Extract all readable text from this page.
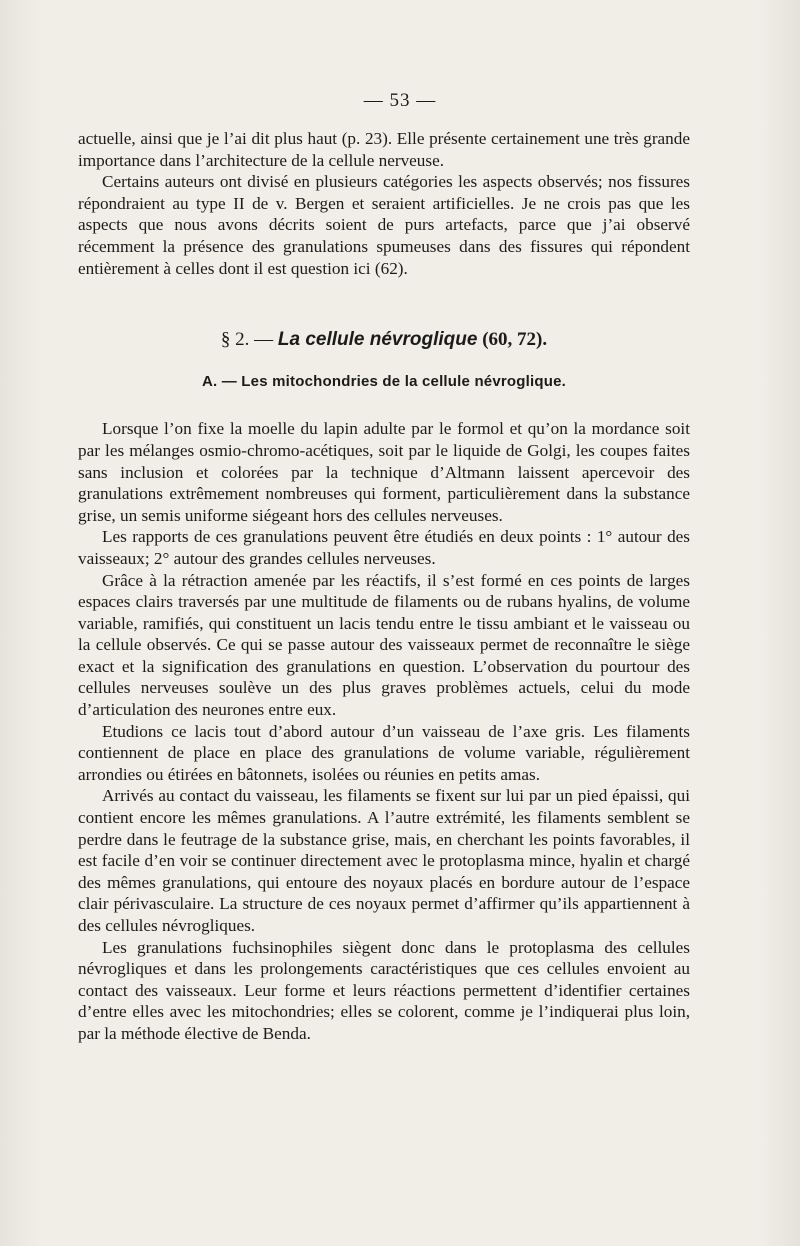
— 53 —

actuelle, ainsi que je l’ai dit plus haut (p. 23). Elle présente certainement une très grande importance dans l’architecture de la cellule nerveuse.

Certains auteurs ont divisé en plusieurs catégories les aspects observés; nos fissures répondraient au type II de v. Bergen et seraient artificielles. Je ne crois pas que les aspects que nous avons décrits soient de purs artefacts, parce que j’ai observé récemment la présence des granulations spumeuses dans des fissures qui répondent entièrement à celles dont il est question ici (62).

§ 2. — La cellule névroglique (60, 72).
A. — Les mitochondries de la cellule névroglique.

Lorsque l’on fixe la moelle du lapin adulte par le formol et qu’on la mordance soit par les mélanges osmio-chromo-acétiques, soit par le liquide de Golgi, les coupes faites sans inclusion et colorées par la technique d’Altmann laissent apercevoir des granulations extrêmement nombreuses qui forment, particulièrement dans la substance grise, un semis uniforme siégeant hors des cellules nerveuses.

Les rapports de ces granulations peuvent être étudiés en deux points : 1° autour des vaisseaux; 2° autour des grandes cellules nerveuses.

Grâce à la rétraction amenée par les réactifs, il s’est formé en ces points de larges espaces clairs traversés par une multitude de filaments ou de rubans hyalins, de volume variable, ramifiés, qui constituent un lacis tendu entre le tissu ambiant et le vaisseau ou la cellule observés. Ce qui se passe autour des vaisseaux permet de reconnaître le siège exact et la signification des granulations en question. L’observation du pourtour des cellules nerveuses soulève un des plus graves problèmes actuels, celui du mode d’articulation des neurones entre eux.

Etudions ce lacis tout d’abord autour d’un vaisseau de l’axe gris. Les filaments contiennent de place en place des granulations de volume variable, régulièrement arrondies ou étirées en bâtonnets, isolées ou réunies en petits amas.

Arrivés au contact du vaisseau, les filaments se fixent sur lui par un pied épaissi, qui contient encore les mêmes granulations. A l’autre extrémité, les filaments semblent se perdre dans le feutrage de la substance grise, mais, en cherchant les points favorables, il est facile d’en voir se continuer directement avec le protoplasma mince, hyalin et chargé des mêmes granulations, qui entoure des noyaux placés en bordure autour de l’espace clair périvasculaire. La structure de ces noyaux permet d’affirmer qu’ils appartiennent à des cellules névrogliques.

Les granulations fuchsinophiles siègent donc dans le protoplasma des cellules névrogliques et dans les prolongements caractéristiques que ces cellules envoient au contact des vaisseaux. Leur forme et leurs réactions permettent d’identifier certaines d’entre elles avec les mitochondries; elles se colorent, comme je l’indiquerai plus loin, par la méthode élective de Benda.
